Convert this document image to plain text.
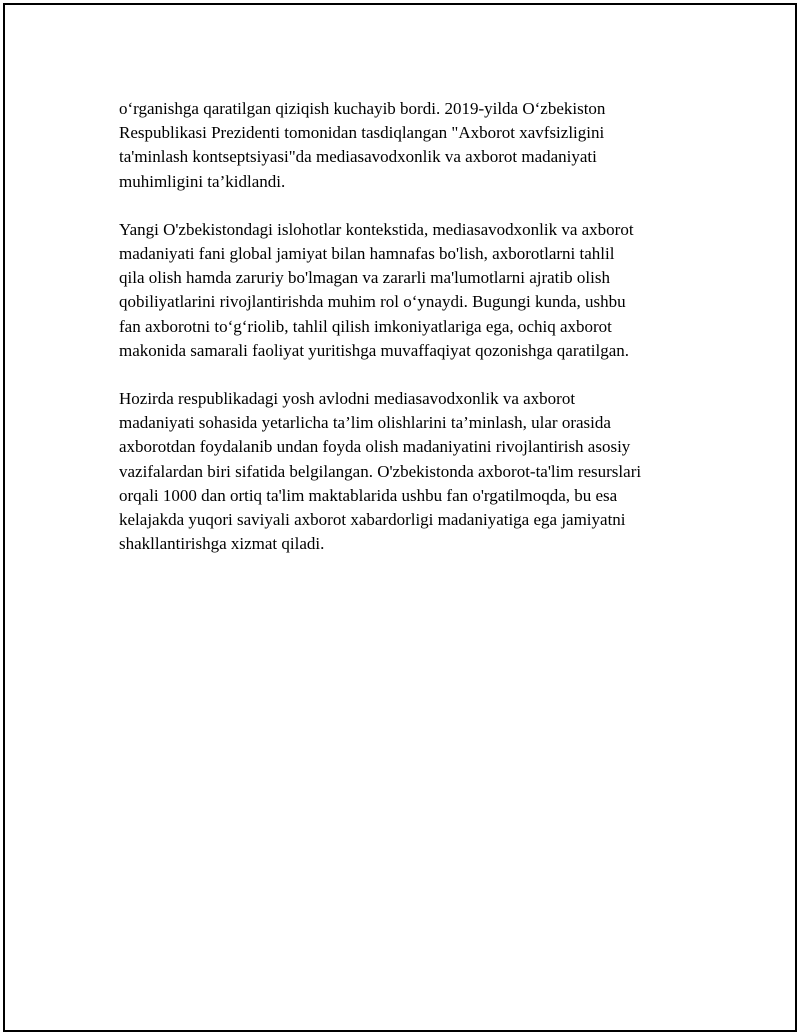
o‘rganishga qaratilgan qiziqish kuchayib bordi. 2019-yilda O‘zbekiston
Respublikasi Prezidenti tomonidan tasdiqlangan "Axborot xavfsizligini
ta'minlash kontseptsiyasi"da mediasavodxonlik va axborot madaniyati
muhimligini ta’kidlandi.

Yangi O'zbekistondagi islohotlar kontekstida, mediasavodxonlik va axborot
madaniyati fani global jamiyat bilan hamnafas bo'lish, axborotlarni tahlil
qila olish hamda zaruriy bo'lmagan va zararli ma'lumotlarni ajratib olish
qobiliyatlarini rivojlantirishda muhim rol o‘ynaydi. Bugungi kunda, ushbu
fan axborotni to‘g‘riolib, tahlil qilish imkoniyatlariga ega, ochiq axborot
makonida samarali faoliyat yuritishga muvaffaqiyat qozonishga qaratilgan.

Hozirda respublikadagi yosh avlodni mediasavodxonlik va axborot
madaniyati sohasida yetarlicha ta’lim olishlarini ta’minlash, ular orasida
axborotdan foydalanib undan foyda olish madaniyatini rivojlantirish asosiy
vazifalardan biri sifatida belgilangan. O'zbekistonda axborot-ta'lim resurslari
orqali 1000 dan ortiq ta'lim maktablarida ushbu fan o'rgatilmoqda, bu esa
kelajakda yuqori saviyali axborot xabardorligi madaniyatiga ega jamiyatni
shakllantirishga xizmat qiladi.
